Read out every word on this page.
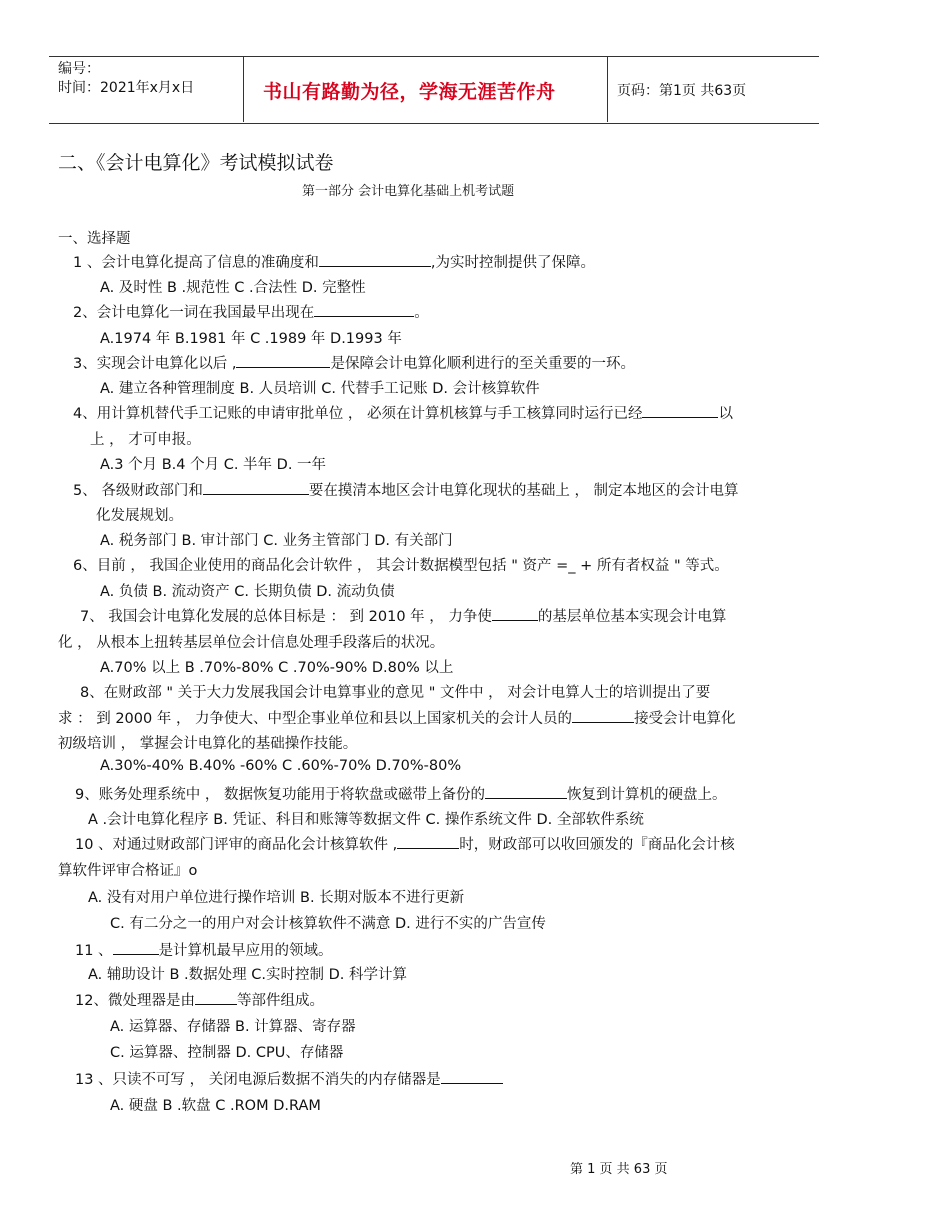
编号：
时间：2021年x月x日	书山有路勤为径，学海无涯苦作舟	页码：第1页 共63页
二、《会计电算化》考试模拟试卷
第一部分 会计电算化基础上机考试题
一、选择题
1 、会计电算化提高了信息的准确度和	,为实时控制提供了保障。
A. 及时性 B .规范性 C .合法性 D. 完整性
2、会计电算化一词在我国最早出现在	。
A.1974 年 B.1981 年 C .1989 年 D.1993 年
3、实现会计电算化以后 ,	是保障会计电算化顺利进行的至关重要的一环。
A. 建立各种管理制度 B. 人员培训 C. 代替手工记账 D. 会计核算软件
4、用计算机替代手工记账的申请审批单位 ， 必须在计算机核算与手工核算同时运行已经	以
上 ， 才可申报。
A.3 个月 B.4 个月 C. 半年 D. 一年
5、 各级财政部门和	要在摸清本地区会计电算化现状的基础上 ， 制定本地区的会计电算
化发展规划。
A. 税务部门 B. 审计部门 C. 业务主管部门 D. 有关部门
6、目前 ， 我国企业使用的商品化会计软件 ， 其会计数据模型包括 " 资产 =_ + 所有者权益 " 等式。
A. 负债 B. 流动资产 C. 长期负债 D. 流动负债
7、 我国会计电算化发展的总体目标是 ： 到 2010 年 ， 力争使	的基层单位基本实现会计电算
化 ， 从根本上扭转基层单位会计信息处理手段落后的状况。
A.70% 以上 B .70%-80% C .70%-90% D.80% 以上
8、在财政部 " 关于大力发展我国会计电算事业的意见 " 文件中 ， 对会计电算人士的培训提出了要
求 ： 到 2000 年 ， 力争使大、中型企事业单位和县以上国家机关的会计人员的	接受会计电算化
初级培训 ， 掌握会计电算化的基础操作技能。
A.30%-40% B.40% -60% C .60%-70% D.70%-80%
9、账务处理系统中 ， 数据恢复功能用于将软盘或磁带上备份的	恢复到计算机的硬盘上。
A .会计电算化程序 B. 凭证、科目和账簿等数据文件 C. 操作系统文件 D. 全部软件系统
10 、对通过财政部门评审的商品化会计核算软件 ,	时，财政部可以收回颁发的『商品化会计核
算软件评审合格证』o
A. 没有对用户单位进行操作培训 B. 长期对版本不进行更新
C. 有二分之一的用户对会计核算软件不满意 D. 进行不实的广告宣传
11 、	是计算机最早应用的领域。
A. 辅助设计 B .数据处理 C.实时控制 D. 科学计算
12、微处理器是由	等部件组成。
A. 运算器、存储器 B. 计算器、寄存器
C. 运算器、控制器 D. CPU、存储器
13 、只读不可写 ， 关闭电源后数据不消失的内存储器是
A. 硬盘 B .软盘 C .ROM D.RAM
第 1 页 共 63 页
